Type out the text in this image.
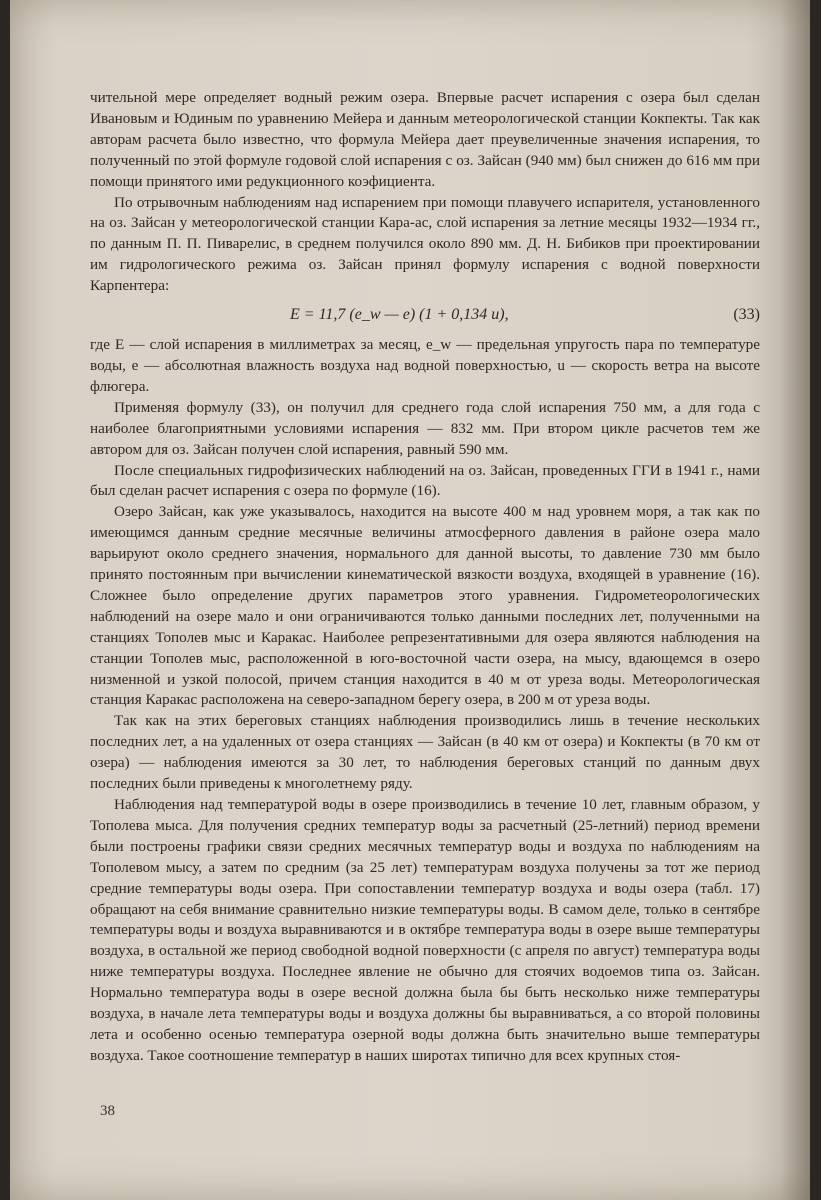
чительной мере определяет водный режим озера. Впервые расчет испарения с озера был сделан Ивановым и Юдиным по уравнению Мейера и данным метеорологической станции Кокпекты. Так как авторам расчета было известно, что формула Мейера дает преувеличенные значения испарения, то полученный по этой формуле годовой слой испарения с оз. Зайсан (940 мм) был снижен до 616 мм при помощи принятого ими редукционного коэфициента.

По отрывочным наблюдениям над испарением при помощи плавучего испарителя, установленного на оз. Зайсан у метеорологической станции Кара-ас, слой испарения за летние месяцы 1932—1934 гг., по данным П. П. Пиварелис, в среднем получился около 890 мм. Д. Н. Бибиков при проектировании им гидрологического режима оз. Зайсан принял формулу испарения с водной поверхности Карпентера:

E = 11,7 (e_w — e) (1 + 0,134 u),	(33)

где E — слой испарения в миллиметрах за месяц, e_w — предельная упругость пара по температуре воды, e — абсолютная влажность воздуха над водной поверхностью, u — скорость ветра на высоте флюгера.

Применяя формулу (33), он получил для среднего года слой испарения 750 мм, а для года с наиболее благоприятными условиями испарения — 832 мм. При втором цикле расчетов тем же автором для оз. Зайсан получен слой испарения, равный 590 мм.

После специальных гидрофизических наблюдений на оз. Зайсан, проведенных ГГИ в 1941 г., нами был сделан расчет испарения с озера по формуле (16).

Озеро Зайсан, как уже указывалось, находится на высоте 400 м над уровнем моря, а так как по имеющимся данным средние месячные величины атмосферного давления в районе озера мало варьируют около среднего значения, нормального для данной высоты, то давление 730 мм было принято постоянным при вычислении кинематической вязкости воздуха, входящей в уравнение (16). Сложнее было определение других параметров этого уравнения. Гидрометеорологических наблюдений на озере мало и они ограничиваются только данными последних лет, полученными на станциях Тополев мыс и Каракас. Наиболее репрезентативными для озера являются наблюдения на станции Тополев мыс, расположенной в юго-восточной части озера, на мысу, вдающемся в озеро низменной и узкой полосой, причем станция находится в 40 м от уреза воды. Метеорологическая станция Каракас расположена на северо-западном берегу озера, в 200 м от уреза воды.

Так как на этих береговых станциях наблюдения производились лишь в течение нескольких последних лет, а на удаленных от озера станциях — Зайсан (в 40 км от озера) и Кокпекты (в 70 км от озера) — наблюдения имеются за 30 лет, то наблюдения береговых станций по данным двух последних были приведены к многолетнему ряду.

Наблюдения над температурой воды в озере производились в течение 10 лет, главным образом, у Тополева мыса. Для получения средних температур воды за расчетный (25-летний) период времени были построены графики связи средних месячных температур воды и воздуха по наблюдениям на Тополевом мысу, а затем по средним (за 25 лет) температурам воздуха получены за тот же период средние температуры воды озера. При сопоставлении температур воздуха и воды озера (табл. 17) обращают на себя внимание сравнительно низкие температуры воды. В самом деле, только в сентябре температуры воды и воздуха выравниваются и в октябре температура воды в озере выше температуры воздуха, в остальной же период свободной водной поверхности (с апреля по август) температура воды ниже температуры воздуха. Последнее явление не обычно для стоячих водоемов типа оз. Зайсан. Нормально температура воды в озере весной должна была бы быть несколько ниже температуры воздуха, в начале лета температуры воды и воздуха должны бы выравниваться, а со второй половины лета и особенно осенью температура озерной воды должна быть значительно выше температуры воздуха. Такое соотношение температур в наших широтах типично для всех крупных стоя-

38
